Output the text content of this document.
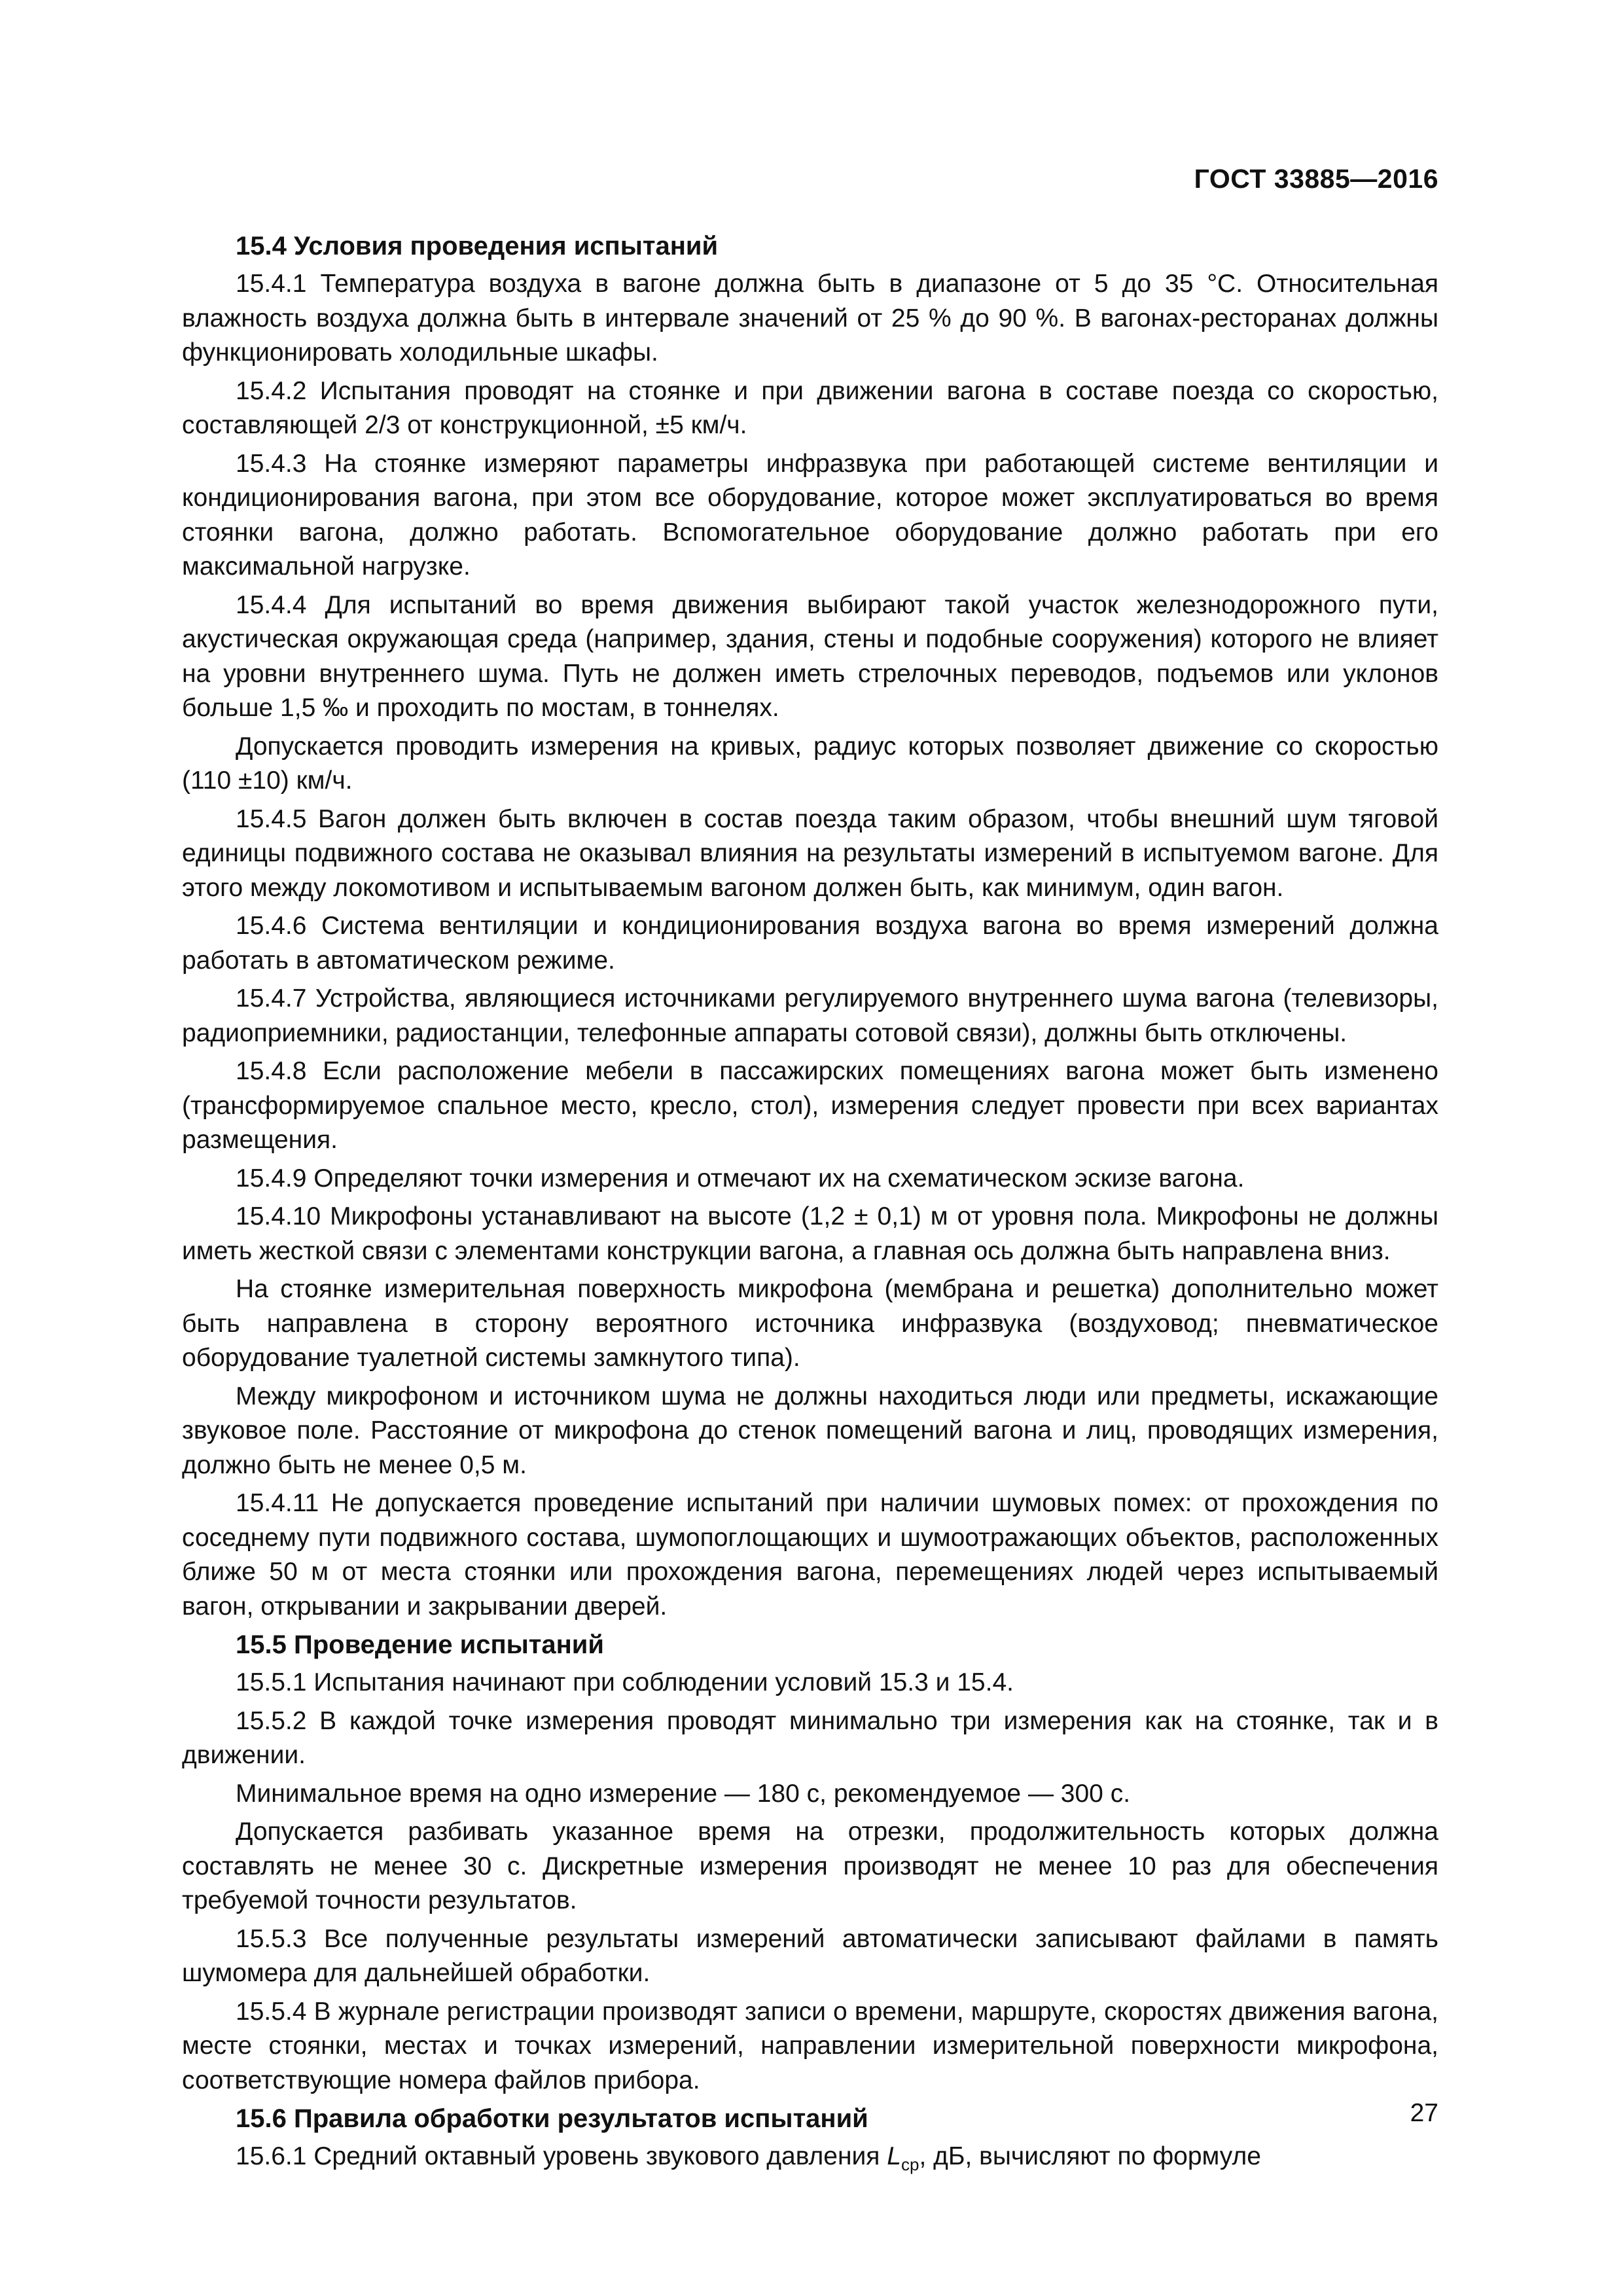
ГОСТ 33885—2016
15.4 Условия проведения испытаний

15.4.1 Температура воздуха в вагоне должна быть в диапазоне от 5 до 35 °С. Относительная влажность воздуха должна быть в интервале значений от 25 % до 90 %. В вагонах-ресторанах должны функционировать холодильные шкафы.

15.4.2 Испытания проводят на стоянке и при движении вагона в составе поезда со скоростью, составляющей 2/3 от конструкционной, ±5 км/ч.

15.4.3 На стоянке измеряют параметры инфразвука при работающей системе вентиляции и кондиционирования вагона, при этом все оборудование, которое может эксплуатироваться во время стоянки вагона, должно работать. Вспомогательное оборудование должно работать при его максимальной нагрузке.

15.4.4 Для испытаний во время движения выбирают такой участок железнодорожного пути, акустическая окружающая среда (например, здания, стены и подобные сооружения) которого не влияет на уровни внутреннего шума. Путь не должен иметь стрелочных переводов, подъемов или уклонов больше 1,5 ‰ и проходить по мостам, в тоннелях.

Допускается проводить измерения на кривых, радиус которых позволяет движение со скоростью (110 ±10) км/ч.

15.4.5 Вагон должен быть включен в состав поезда таким образом, чтобы внешний шум тяговой единицы подвижного состава не оказывал влияния на результаты измерений в испытуемом вагоне. Для этого между локомотивом и испытываемым вагоном должен быть, как минимум, один вагон.

15.4.6 Система вентиляции и кондиционирования воздуха вагона во время измерений должна работать в автоматическом режиме.

15.4.7 Устройства, являющиеся источниками регулируемого внутреннего шума вагона (телевизоры, радиоприемники, радиостанции, телефонные аппараты сотовой связи), должны быть отключены.

15.4.8 Если расположение мебели в пассажирских помещениях вагона может быть изменено (трансформируемое спальное место, кресло, стол), измерения следует провести при всех вариантах размещения.

15.4.9 Определяют точки измерения и отмечают их на схематическом эскизе вагона.

15.4.10 Микрофоны устанавливают на высоте (1,2 ± 0,1) м от уровня пола. Микрофоны не должны иметь жесткой связи с элементами конструкции вагона, а главная ось должна быть направлена вниз.

На стоянке измерительная поверхность микрофона (мембрана и решетка) дополнительно может быть направлена в сторону вероятного источника инфразвука (воздуховод; пневматическое оборудование туалетной системы замкнутого типа).

Между микрофоном и источником шума не должны находиться люди или предметы, искажающие звуковое поле. Расстояние от микрофона до стенок помещений вагона и лиц, проводящих измерения, должно быть не менее 0,5 м.

15.4.11 Не допускается проведение испытаний при наличии шумовых помех: от прохождения по соседнему пути подвижного состава, шумопоглощающих и шумоотражающих объектов, расположенных ближе 50 м от места стоянки или прохождения вагона, перемещениях людей через испытываемый вагон, открывании и закрывании дверей.

15.5 Проведение испытаний

15.5.1 Испытания начинают при соблюдении условий 15.3 и 15.4.

15.5.2 В каждой точке измерения проводят минимально три измерения как на стоянке, так и в движении.

Минимальное время на одно измерение — 180 с, рекомендуемое — 300 с.

Допускается разбивать указанное время на отрезки, продолжительность которых должна составлять не менее 30 с. Дискретные измерения производят не менее 10 раз для обеспечения требуемой точности результатов.

15.5.3 Все полученные результаты измерений автоматически записывают файлами в память шумомера для дальнейшей обработки.

15.5.4 В журнале регистрации производят записи о времени, маршруте, скоростях движения вагона, месте стоянки, местах и точках измерений, направлении измерительной поверхности микрофона, соответствующие номера файлов прибора.

15.6 Правила обработки результатов испытаний

15.6.1 Средний октавный уровень звукового давления $L_{ср}$, дБ, вычисляют по формуле

27
